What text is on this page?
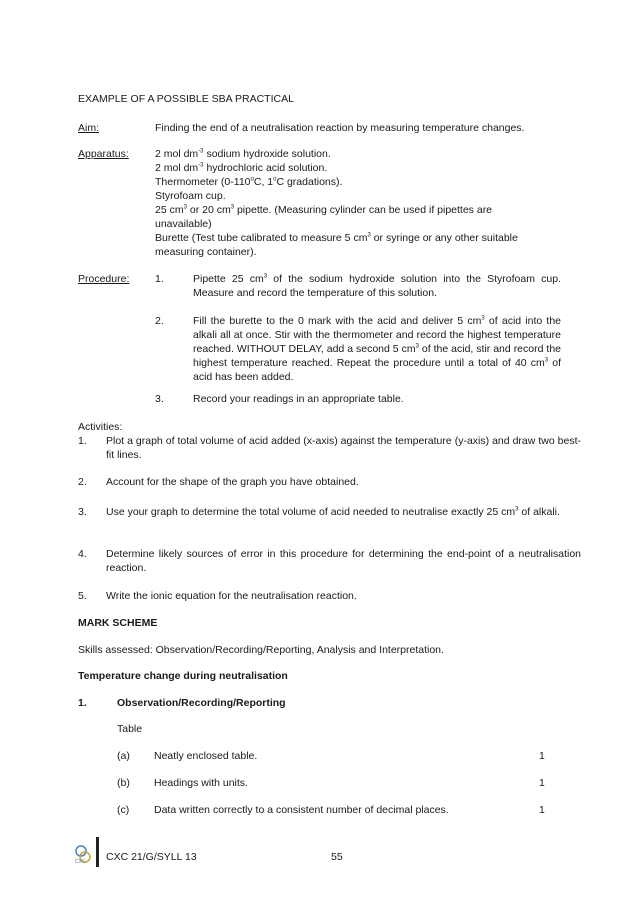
EXAMPLE OF A POSSIBLE SBA PRACTICAL
Aim:	Finding the end of a neutralisation reaction by measuring temperature changes.
Apparatus: 2 mol $dm^{-3}$ sodium hydroxide solution.
2 mol $dm^{-3}$ hydrochloric acid solution.
Thermometer (0-110$^o$C, 1$^o$C gradations).
Styrofoam cup.
25 $cm^3$ or 20 $cm^3$ pipette. (Measuring cylinder can be used if pipettes are
unavailable)
Burette (Test tube calibrated to measure 5 $cm^3$ or syringe or any other suitable
measuring container).
Procedure: 1.	Pipette 25 $cm^3$ of the sodium hydroxide solution into the Styrofoam cup. Measure and record the temperature of this solution.
2.	Fill the burette to the 0 mark with the acid and deliver 5 $cm^3$ of acid into the alkali all at once. Stir with the thermometer and record the highest temperature reached. WITHOUT DELAY, add a second 5 $cm^3$ of the acid, stir and record the highest temperature reached. Repeat the procedure until a total of 40 $cm^3$ of acid has been added.
3.	Record your readings in an appropriate table.
Activities:
1. Plot a graph of total volume of acid added (x-axis) against the temperature (y-axis) and draw two best-fit lines.
2. Account for the shape of the graph you have obtained.
3. Use your graph to determine the total volume of acid needed to neutralise exactly 25 $cm^3$ of alkali.
4. Determine likely sources of error in this procedure for determining the end-point of a neutralisation reaction.
5. Write the ionic equation for the neutralisation reaction.
MARK SCHEME
Skills assessed: Observation/Recording/Reporting, Analysis and Interpretation.
Temperature change during neutralisation
1.	Observation/Recording/Reporting
Table
(a) Neatly enclosed table.	1
(b) Headings with units.	1
(c) Data written correctly to a consistent number of decimal places.	1
CXC CXC 21/G/SYLL 13	55
